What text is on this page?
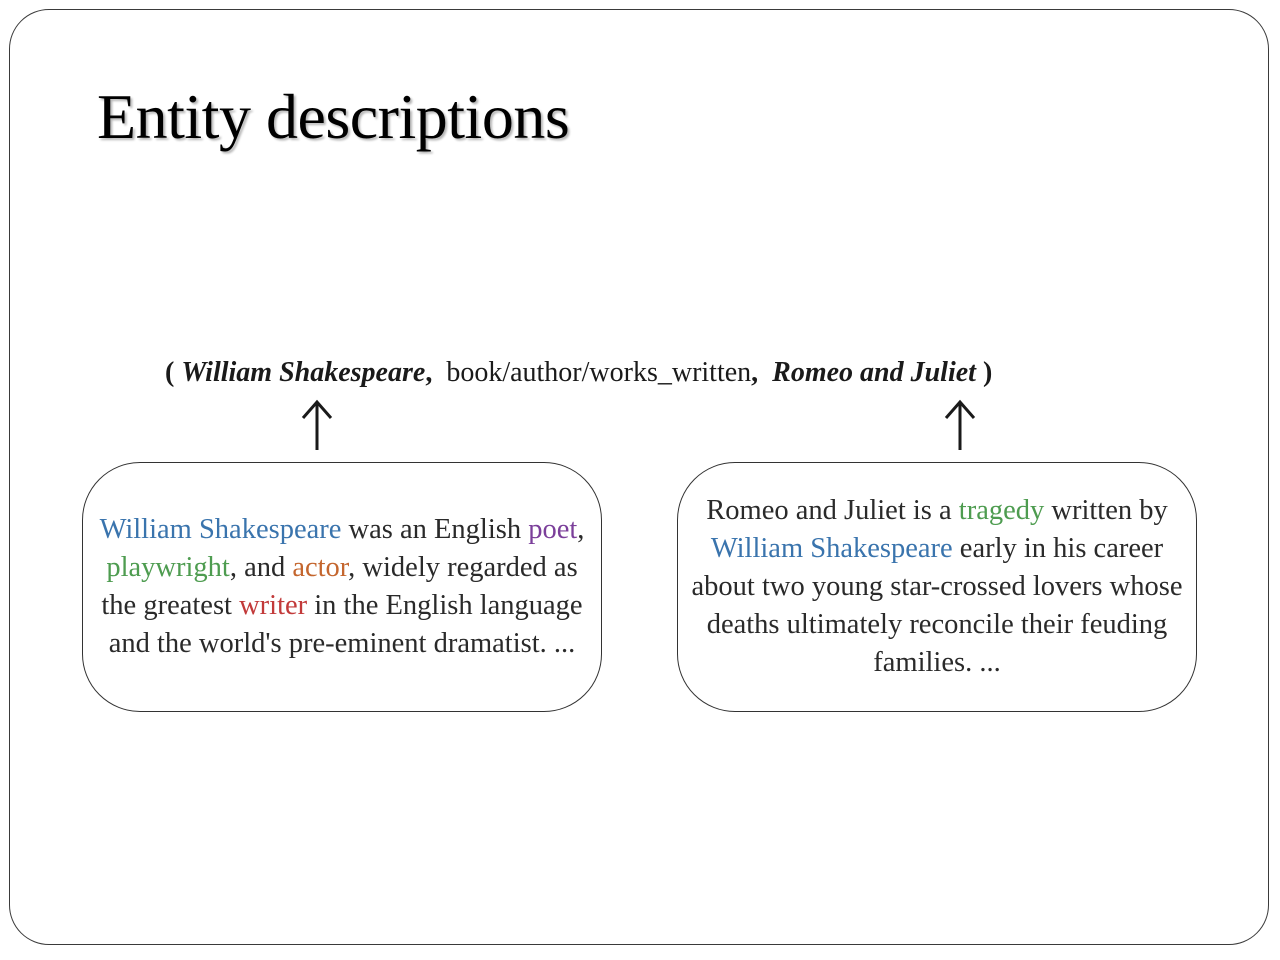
Entity descriptions
( William Shakespeare, book/author/works_written, Romeo and Juliet )

William Shakespeare was an English poet, playwright, and actor, widely regarded as the greatest writer in the English language and the world's pre-eminent dramatist. ...

Romeo and Juliet is a tragedy written by William Shakespeare early in his career about two young star-crossed lovers whose deaths ultimately reconcile their feuding families. ...
